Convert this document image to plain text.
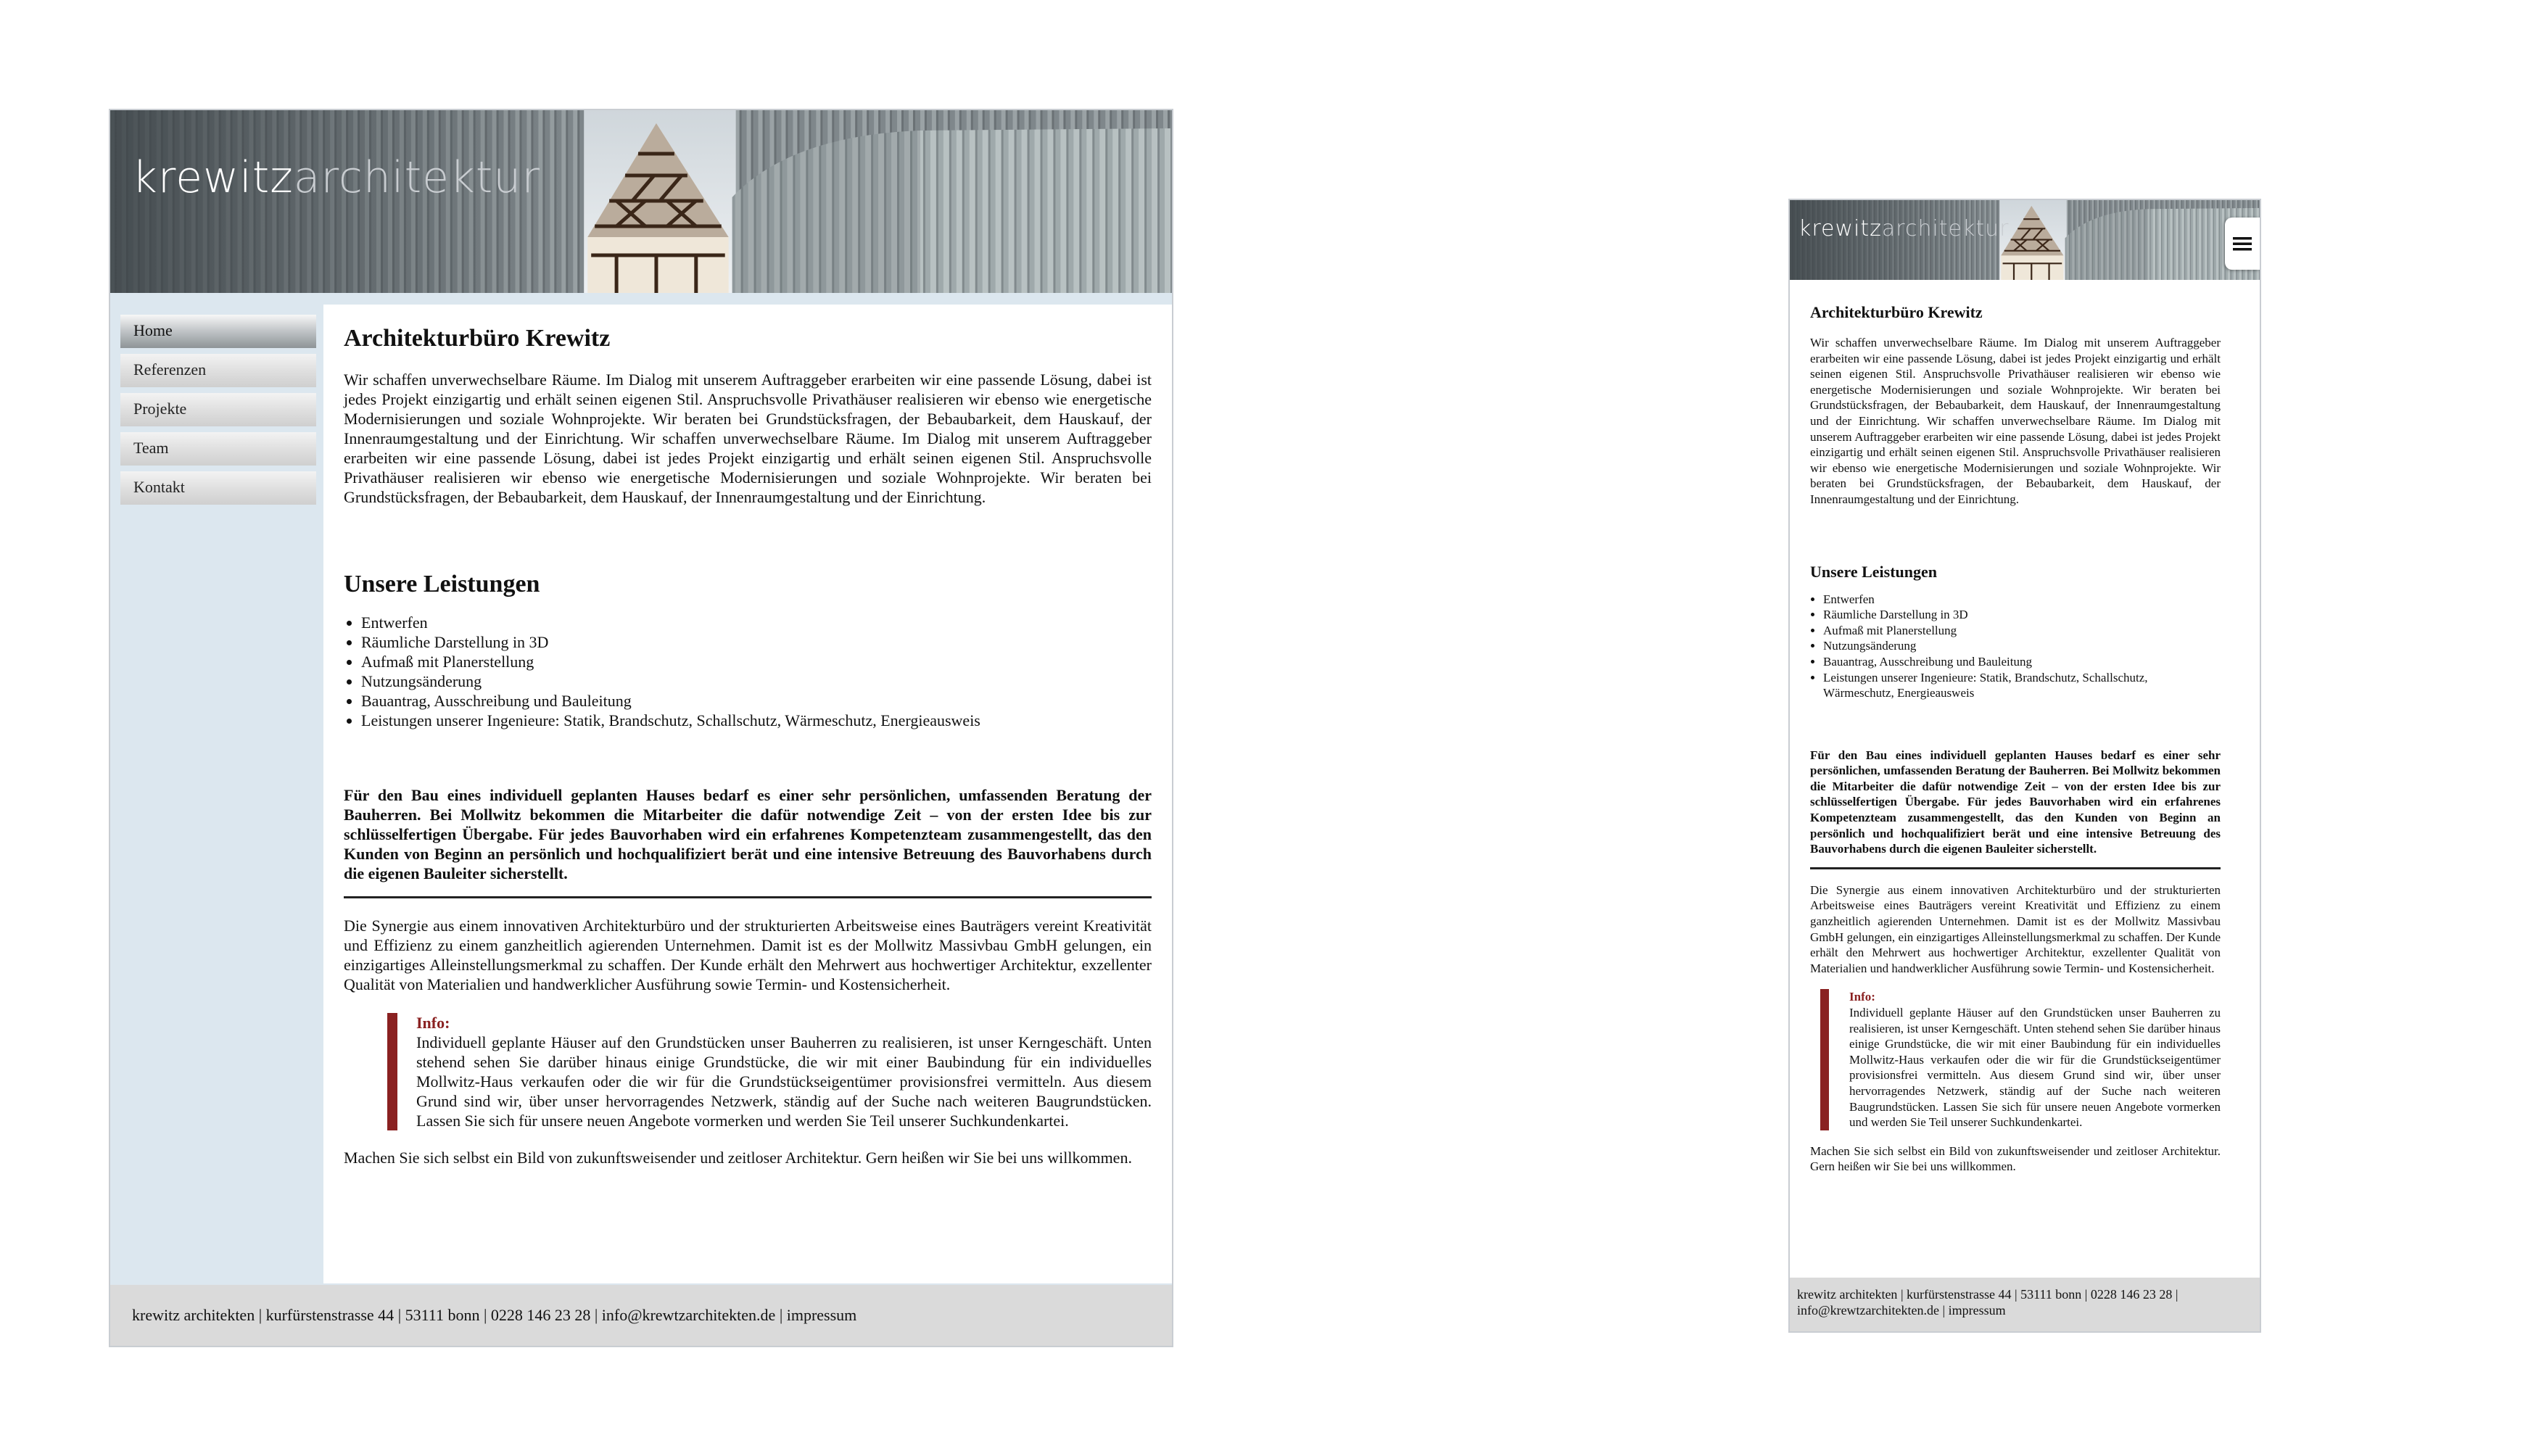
krewitzarchitektur
Home
Referenzen
Projekte
Team
Kontakt
Architekturbüro Krewitz

Wir schaffen unverwechselbare Räume. Im Dialog mit unserem Auftraggeber erarbeiten wir eine passende Lösung, dabei ist jedes Projekt einzigartig und erhält seinen eigenen Stil. Anspruchsvolle Privathäuser realisieren wir ebenso wie energetische Modernisierungen und soziale Wohnprojekte. Wir beraten bei Grundstücksfragen, der Bebaubarkeit, dem Hauskauf, der Innenraumgestaltung und der Einrichtung. Wir schaffen unverwechselbare Räume. Im Dialog mit unserem Auftraggeber erarbeiten wir eine passende Lösung, dabei ist jedes Projekt einzigartig und erhält seinen eigenen Stil. Anspruchsvolle Privathäuser realisieren wir ebenso wie energetische Modernisierungen und soziale Wohnprojekte. Wir beraten bei Grundstücksfragen, der Bebaubarkeit, dem Hauskauf, der Innenraumgestaltung und der Einrichtung.

Unsere Leistungen
• Entwerfen
• Räumliche Darstellung in 3D
• Aufmaß mit Planerstellung
• Nutzungsänderung
• Bauantrag, Ausschreibung und Bauleitung
• Leistungen unserer Ingenieure: Statik, Brandschutz, Schallschutz, Wärmeschutz, Energieausweis

Für den Bau eines individuell geplanten Hauses bedarf es einer sehr persönlichen, umfassenden Beratung der Bauherren. Bei Mollwitz bekommen die Mitarbeiter die dafür notwendige Zeit – von der ersten Idee bis zur schlüsselfertigen Übergabe. Für jedes Bauvorhaben wird ein erfahrenes Kompetenzteam zusammengestellt, das den Kunden von Beginn an persönlich und hochqualifiziert berät und eine intensive Betreuung des Bauvorhabens durch die eigenen Bauleiter sicherstellt.

Die Synergie aus einem innovativen Architekturbüro und der strukturierten Arbeitsweise eines Bauträgers vereint Kreativität und Effizienz zu einem ganzheitlich agierenden Unternehmen. Damit ist es der Mollwitz Massivbau GmbH gelungen, ein einzigartiges Alleinstellungsmerkmal zu schaffen. Der Kunde erhält den Mehrwert aus hochwertiger Architektur, exzellenter Qualität von Materialien und handwerklicher Ausführung sowie Termin- und Kostensicherheit.

Info:

Individuell geplante Häuser auf den Grundstücken unser Bauherren zu realisieren, ist unser Kerngeschäft. Unten stehend sehen Sie darüber hinaus einige Grundstücke, die wir mit einer Baubindung für ein individuelles Mollwitz-Haus verkaufen oder die wir für die Grundstückseigentümer provisionsfrei vermitteln. Aus diesem Grund sind wir, über unser hervorragendes Netzwerk, ständig auf der Suche nach weiteren Baugrundstücken. Lassen Sie sich für unsere neuen Angebote vormerken und werden Sie Teil unserer Suchkundenkartei.

Machen Sie sich selbst ein Bild von zukunftsweisender und zeitloser Architektur. Gern heißen wir Sie bei uns willkommen.

krewitz architekten | kurfürstenstrasse 44 | 53111 bonn | 0228 146 23 28 | info@krewtzarchitekten.de | impressum
krewitzarchitektur
Architekturbüro Krewitz

Wir schaffen unverwechselbare Räume. Im Dialog mit unserem Auftraggeber erarbeiten wir eine passende Lösung, dabei ist jedes Projekt einzigartig und erhält seinen eigenen Stil. Anspruchsvolle Privathäuser realisieren wir ebenso wie energetische Modernisierungen und soziale Wohnprojekte. Wir beraten bei Grundstücksfragen, der Bebaubarkeit, dem Hauskauf, der Innenraumgestaltung und der Einrichtung. Wir schaffen unverwechselbare Räume. Im Dialog mit unserem Auftraggeber erarbeiten wir eine passende Lösung, dabei ist jedes Projekt einzigartig und erhält seinen eigenen Stil. Anspruchsvolle Privathäuser realisieren wir ebenso wie energetische Modernisierungen und soziale Wohnprojekte. Wir beraten bei Grundstücksfragen, der Bebaubarkeit, dem Hauskauf, der Innenraumgestaltung und der Einrichtung.

Unsere Leistungen
• Entwerfen
• Räumliche Darstellung in 3D
• Aufmaß mit Planerstellung
• Nutzungsänderung
• Bauantrag, Ausschreibung und Bauleitung
• Leistungen unserer Ingenieure: Statik, Brandschutz, Schallschutz, Wärmeschutz, Energieausweis

Für den Bau eines individuell geplanten Hauses bedarf es einer sehr persönlichen, umfassenden Beratung der Bauherren. Bei Mollwitz bekommen die Mitarbeiter die dafür notwendige Zeit – von der ersten Idee bis zur schlüsselfertigen Übergabe. Für jedes Bauvorhaben wird ein erfahrenes Kompetenzteam zusammengestellt, das den Kunden von Beginn an persönlich und hochqualifiziert berät und eine intensive Betreuung des Bauvorhabens durch die eigenen Bauleiter sicherstellt.

Die Synergie aus einem innovativen Architekturbüro und der strukturierten Arbeitsweise eines Bauträgers vereint Kreativität und Effizienz zu einem ganzheitlich agierenden Unternehmen. Damit ist es der Mollwitz Massivbau GmbH gelungen, ein einzigartiges Alleinstellungsmerkmal zu schaffen. Der Kunde erhält den Mehrwert aus hochwertiger Architektur, exzellenter Qualität von Materialien und handwerklicher Ausführung sowie Termin- und Kostensicherheit.

Info:

Individuell geplante Häuser auf den Grundstücken unser Bauherren zu realisieren, ist unser Kerngeschäft. Unten stehend sehen Sie darüber hinaus einige Grundstücke, die wir mit einer Baubindung für ein individuelles Mollwitz-Haus verkaufen oder die wir für die Grundstückseigentümer provisionsfrei vermitteln. Aus diesem Grund sind wir, über unser hervorragendes Netzwerk, ständig auf der Suche nach weiteren Baugrundstücken. Lassen Sie sich für unsere neuen Angebote vormerken und werden Sie Teil unserer Suchkundenkartei.

Machen Sie sich selbst ein Bild von zukunftsweisender und zeitloser Architektur. Gern heißen wir Sie bei uns willkommen.

krewitz architekten | kurfürstenstrasse 44 | 53111 bonn | 0228 146 23 28 | info@krewtzarchitekten.de | impressum
